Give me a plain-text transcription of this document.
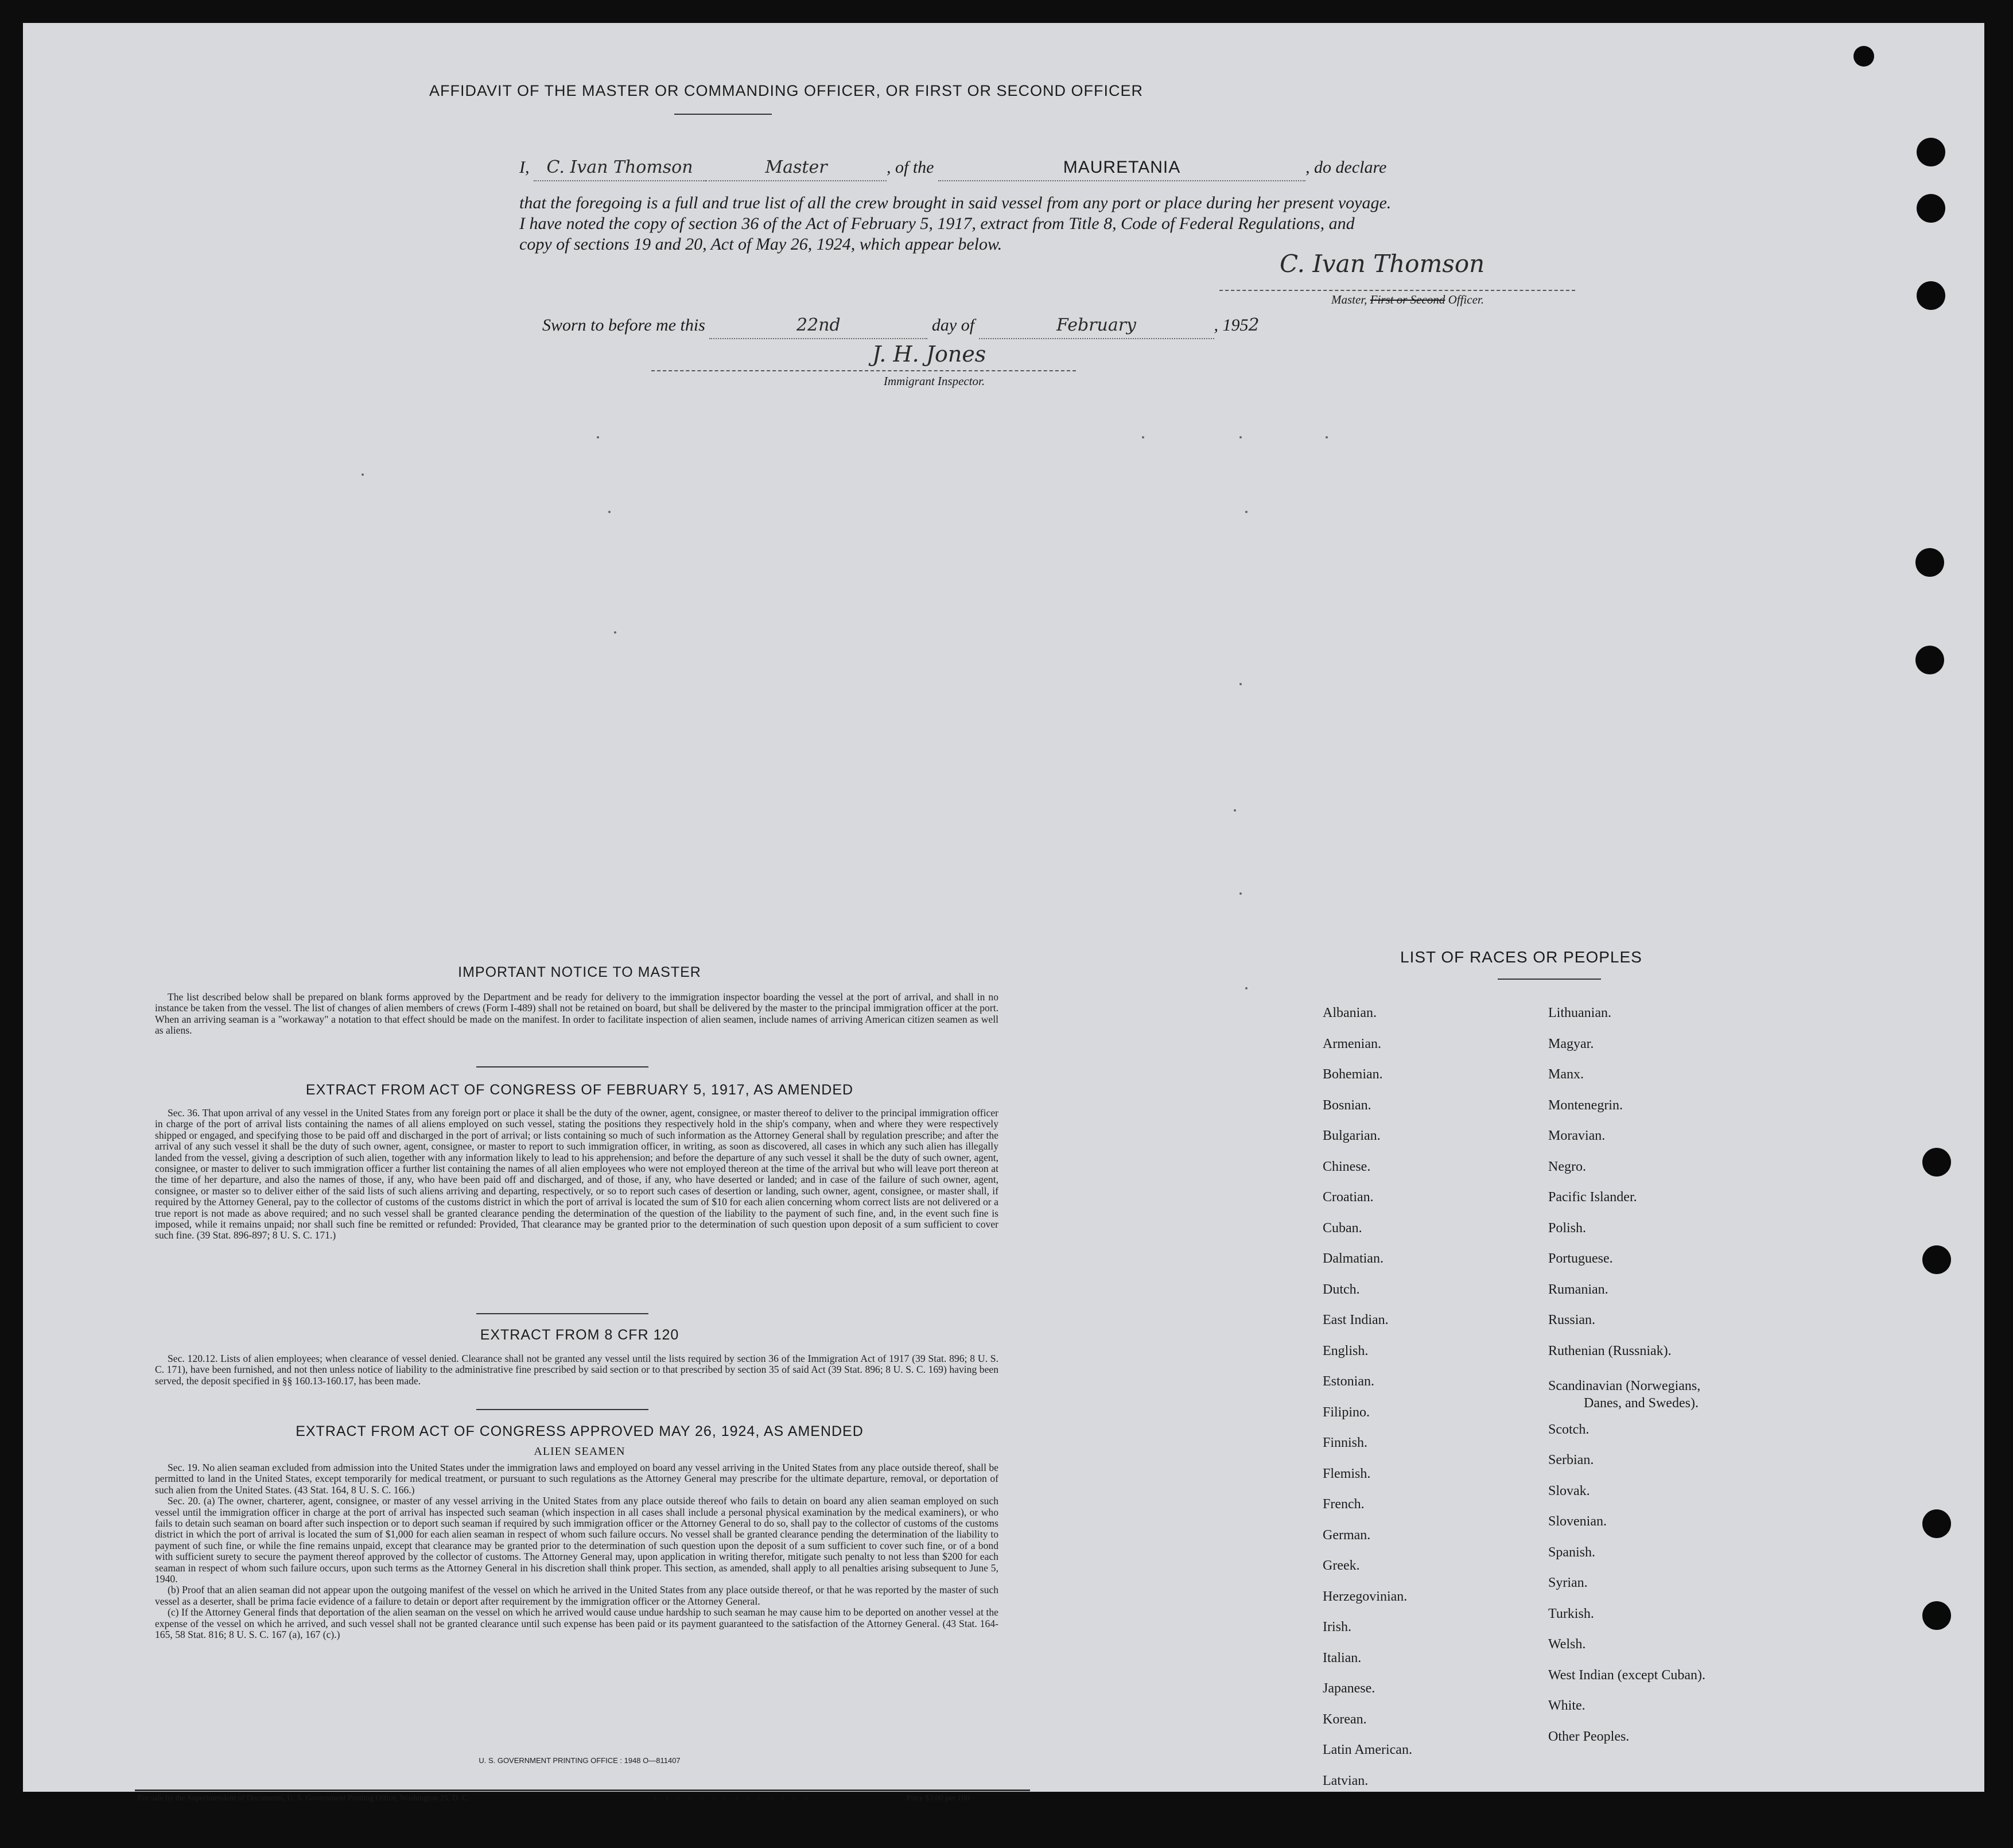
AFFIDAVIT OF THE MASTER OR COMMANDING OFFICER, OR FIRST OR SECOND OFFICER
I, C. Ivan Thomson	Master	, of the	MAURETANIA	, do declare
that the foregoing is a full and true list of all the crew brought in said vessel from any port or place during her present voyage.
I have noted the copy of section 36 of the Act of February 5, 1917, extract from Title 8, Code of Federal Regulations, and
copy of sections 19 and 20, Act of May 26, 1924, which appear below.
C. Ivan Thomson
Master, First or Second Officer.
Sworn to before me this	22nd	day of	February	, 1952
J. H. Jones
Immigrant Inspector.
IMPORTANT NOTICE TO MASTER

The list described below shall be prepared on blank forms approved by the Department and be ready for delivery to the immigration inspector boarding the vessel at the port of arrival, and shall in no instance be taken from the vessel. The list of changes of alien members of crews (Form I-489) shall not be retained on board, but shall be delivered by the master to the principal immigration officer at the port. When an arriving seaman is a "workaway" a notation to that effect should be made on the manifest. In order to facilitate inspection of alien seamen, include names of arriving American citizen seamen as well as aliens.

EXTRACT FROM ACT OF CONGRESS OF FEBRUARY 5, 1917, AS AMENDED

Sec. 36. That upon arrival of any vessel in the United States from any foreign port or place it shall be the duty of the owner, agent, consignee, or master thereof to deliver to the principal immigration officer in charge of the port of arrival lists containing the names of all aliens employed on such vessel, stating the positions they respectively hold in the ship's company, when and where they were respectively shipped or engaged, and specifying those to be paid off and discharged in the port of arrival; or lists containing so much of such information as the Attorney General shall by regulation prescribe; and after the arrival of any such vessel it shall be the duty of such owner, agent, consignee, or master to report to such immigration officer, in writing, as soon as discovered, all cases in which any such alien has illegally landed from the vessel, giving a description of such alien, together with any information likely to lead to his apprehension; and before the departure of any such vessel it shall be the duty of such owner, agent, consignee, or master to deliver to such immigration officer a further list containing the names of all alien employees who were not employed thereon at the time of the arrival but who will leave port thereon at the time of her departure, and also the names of those, if any, who have been paid off and discharged, and of those, if any, who have deserted or landed; and in case of the failure of such owner, agent, consignee, or master so to deliver either of the said lists of such aliens arriving and departing, respectively, or so to report such cases of desertion or landing, such owner, agent, consignee, or master shall, if required by the Attorney General, pay to the collector of customs of the customs district in which the port of arrival is located the sum of $10 for each alien concerning whom correct lists are not delivered or a true report is not made as above required; and no such vessel shall be granted clearance pending the determination of the question of the liability to the payment of such fine, and, in the event such fine is imposed, while it remains unpaid; nor shall such fine be remitted or refunded: Provided, That clearance may be granted prior to the determination of such question upon deposit of a sum sufficient to cover such fine. (39 Stat. 896-897; 8 U. S. C. 171.)

EXTRACT FROM 8 CFR 120

Sec. 120.12. Lists of alien employees; when clearance of vessel denied. Clearance shall not be granted any vessel until the lists required by section 36 of the Immigration Act of 1917 (39 Stat. 896; 8 U. S. C. 171), have been furnished, and not then unless notice of liability to the administrative fine prescribed by said section or to that prescribed by section 35 of said Act (39 Stat. 896; 8 U. S. C. 169) having been served, the deposit specified in §§ 160.13-160.17, has been made.

EXTRACT FROM ACT OF CONGRESS APPROVED MAY 26, 1924, AS AMENDED
ALIEN SEAMEN

Sec. 19. No alien seaman excluded from admission into the United States under the immigration laws and employed on board any vessel arriving in the United States from any place outside thereof, shall be permitted to land in the United States, except temporarily for medical treatment, or pursuant to such regulations as the Attorney General may prescribe for the ultimate departure, removal, or deportation of such alien from the United States. (43 Stat. 164, 8 U. S. C. 166.)

Sec. 20. (a) The owner, charterer, agent, consignee, or master of any vessel arriving in the United States from any place outside thereof who fails to detain on board any alien seaman employed on such vessel until the immigration officer in charge at the port of arrival has inspected such seaman (which inspection in all cases shall include a personal physical examination by the medical examiners), or who fails to detain such seaman on board after such inspection or to deport such seaman if required by such immigration officer or the Attorney General to do so, shall pay to the collector of customs of the customs district in which the port of arrival is located the sum of $1,000 for each alien seaman in respect of whom such failure occurs. No vessel shall be granted clearance pending the determination of the liability to payment of such fine, or while the fine remains unpaid, except that clearance may be granted prior to the determination of such question upon the deposit of a sum sufficient to cover such fine, or of a bond with sufficient surety to secure the payment thereof approved by the collector of customs. The Attorney General may, upon application in writing therefor, mitigate such penalty to not less than $200 for each seaman in respect of whom such failure occurs, upon such terms as the Attorney General in his discretion shall think proper. This section, as amended, shall apply to all penalties arising subsequent to June 5, 1940.

(b) Proof that an alien seaman did not appear upon the outgoing manifest of the vessel on which he arrived in the United States from any place outside thereof, or that he was reported by the master of such vessel as a deserter, shall be prima facie evidence of a failure to detain or deport after requirement by the immigration officer or the Attorney General.

(c) If the Attorney General finds that deportation of the alien seaman on the vessel on which he arrived would cause undue hardship to such seaman he may cause him to be deported on another vessel at the expense of the vessel on which he arrived, and such vessel shall not be granted clearance until such expense has been paid or its payment guaranteed to the satisfaction of the Attorney General. (43 Stat. 164-165, 58 Stat. 816; 8 U. S. C. 167 (a), 167 (c).)

U. S. GOVERNMENT PRINTING OFFICE : 1948 O—811407
For sale by the Superintendent of Documents, U. S. Government Printing Office, Washington 25, D. C.	- - - - - - - - - - - - - -	Price $3.00 per 100
LIST OF RACES OR PEOPLES
Albanian.
Armenian.
Bohemian.
Bosnian.
Bulgarian.
Chinese.
Croatian.
Cuban.
Dalmatian.
Dutch.
East Indian.
English.
Estonian.
Filipino.
Finnish.
Flemish.
French.
German.
Greek.
Herzegovinian.
Irish.
Italian.
Japanese.
Korean.
Latin American.
Latvian.
Lithuanian.
Magyar.
Manx.
Montenegrin.
Moravian.
Negro.
Pacific Islander.
Polish.
Portuguese.
Rumanian.
Russian.
Ruthenian (Russniak).
Scandinavian (Norwegians,
Danes, and Swedes).
Scotch.
Serbian.
Slovak.
Slovenian.
Spanish.
Syrian.
Turkish.
Welsh.
West Indian (except Cuban).
White.
Other Peoples.
